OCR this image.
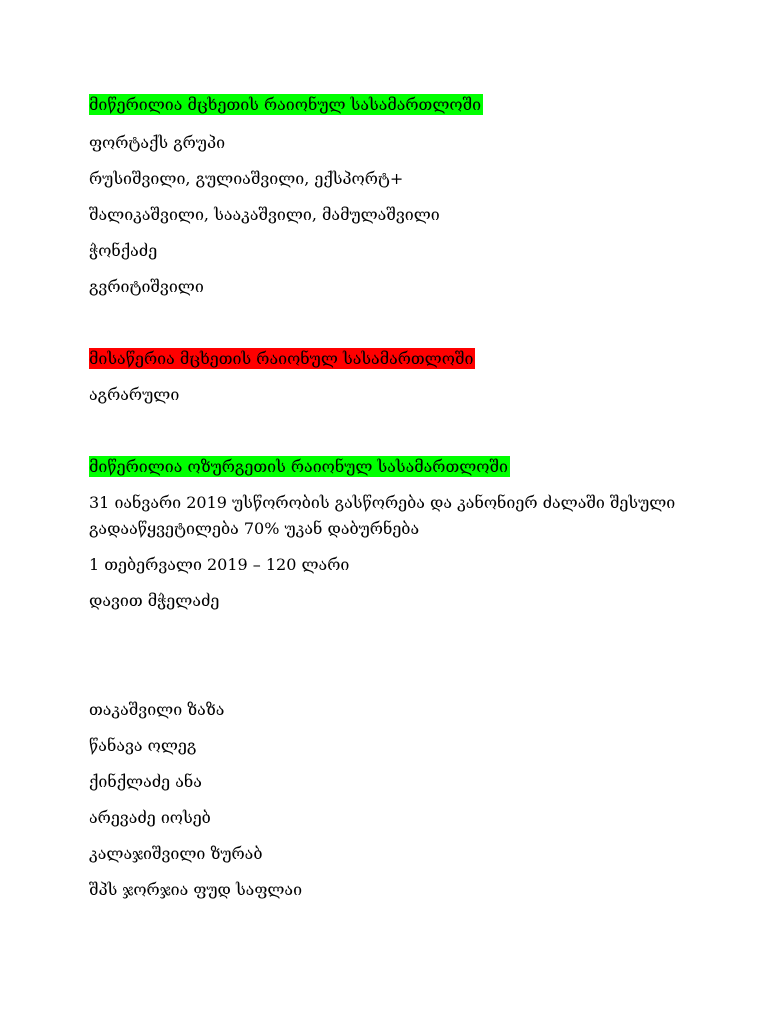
მიწერილია მცხეთის რაიონულ სასამართლოში
ფორტაქს გრუპი
რუსიშვილი, გულიაშვილი, ექსპორტ+
შალიკაშვილი, სააკაშვილი, მამულაშვილი
ჭონქაძე
გვრიტიშვილი
მისაწერია მცხეთის რაიონულ სასამართლოში
აგრარული
მიწერილია ოზურგეთის რაიონულ სასამართლოში
31 იანვარი 2019 უსწორობის გასწორება და კანონიერ ძალაში შესული
გადააწყვეტილება 70% უკან დაბურნება
1 თებერვალი 2019 – 120 ლარი
დავით მჭელაძე
თაკაშვილი ზაზა
წანავა ოლეგ
ქინქლაძე ანა
არევაძე იოსებ
კალაჯიშვილი ზურაბ
შპს ჯორჯია ფუდ საფლაი
